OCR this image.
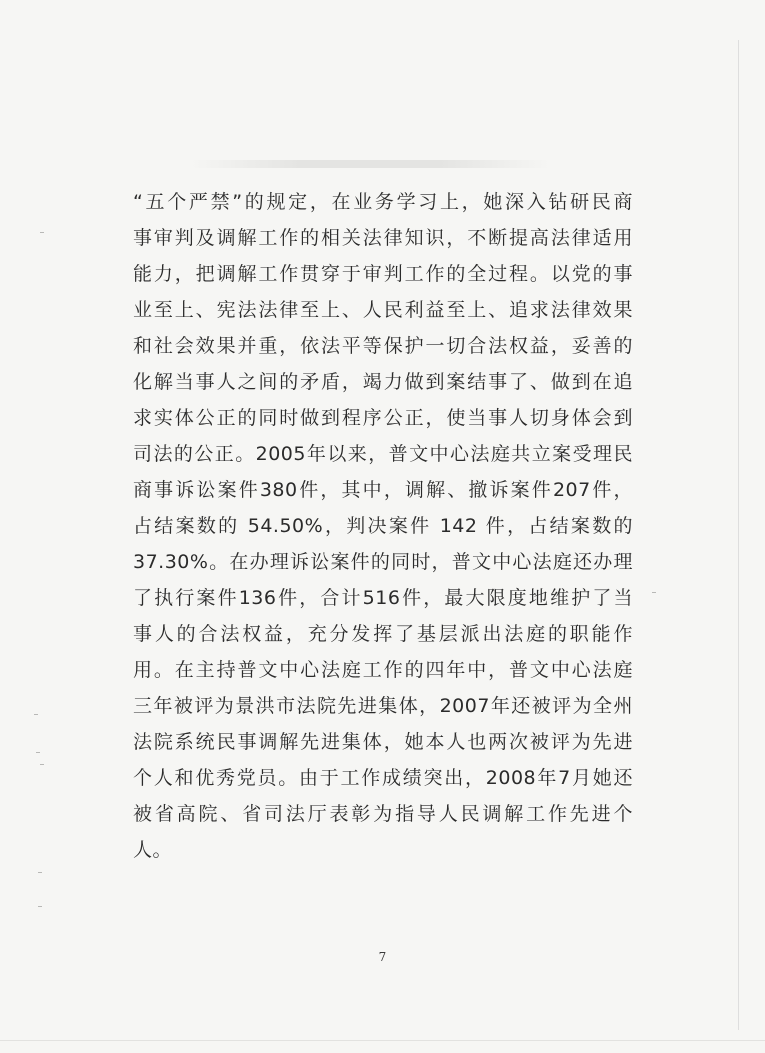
“五个严禁”的规定，在业务学习上，她深入钻研民商
事审判及调解工作的相关法律知识，不断提高法律适用
能力，把调解工作贯穿于审判工作的全过程。以党的事
业至上、宪法法律至上、人民利益至上、追求法律效果
和社会效果并重，依法平等保护一切合法权益，妥善的
化解当事人之间的矛盾，竭力做到案结事了、做到在追
求实体公正的同时做到程序公正，使当事人切身体会到
司法的公正。2005年以来，普文中心法庭共立案受理民
商事诉讼案件380件，其中，调解、撤诉案件207件，
占结案数的 54.50%，判决案件 142 件，占结案数的
37.30%。在办理诉讼案件的同时，普文中心法庭还办理
了执行案件136件，合计516件，最大限度地维护了当
事人的合法权益，充分发挥了基层派出法庭的职能作
用。在主持普文中心法庭工作的四年中，普文中心法庭
三年被评为景洪市法院先进集体，2007年还被评为全州
法院系统民事调解先进集体，她本人也两次被评为先进
个人和优秀党员。由于工作成绩突出，2008年7月她还
被省高院、省司法厅表彰为指导人民调解工作先进个
人。
7
